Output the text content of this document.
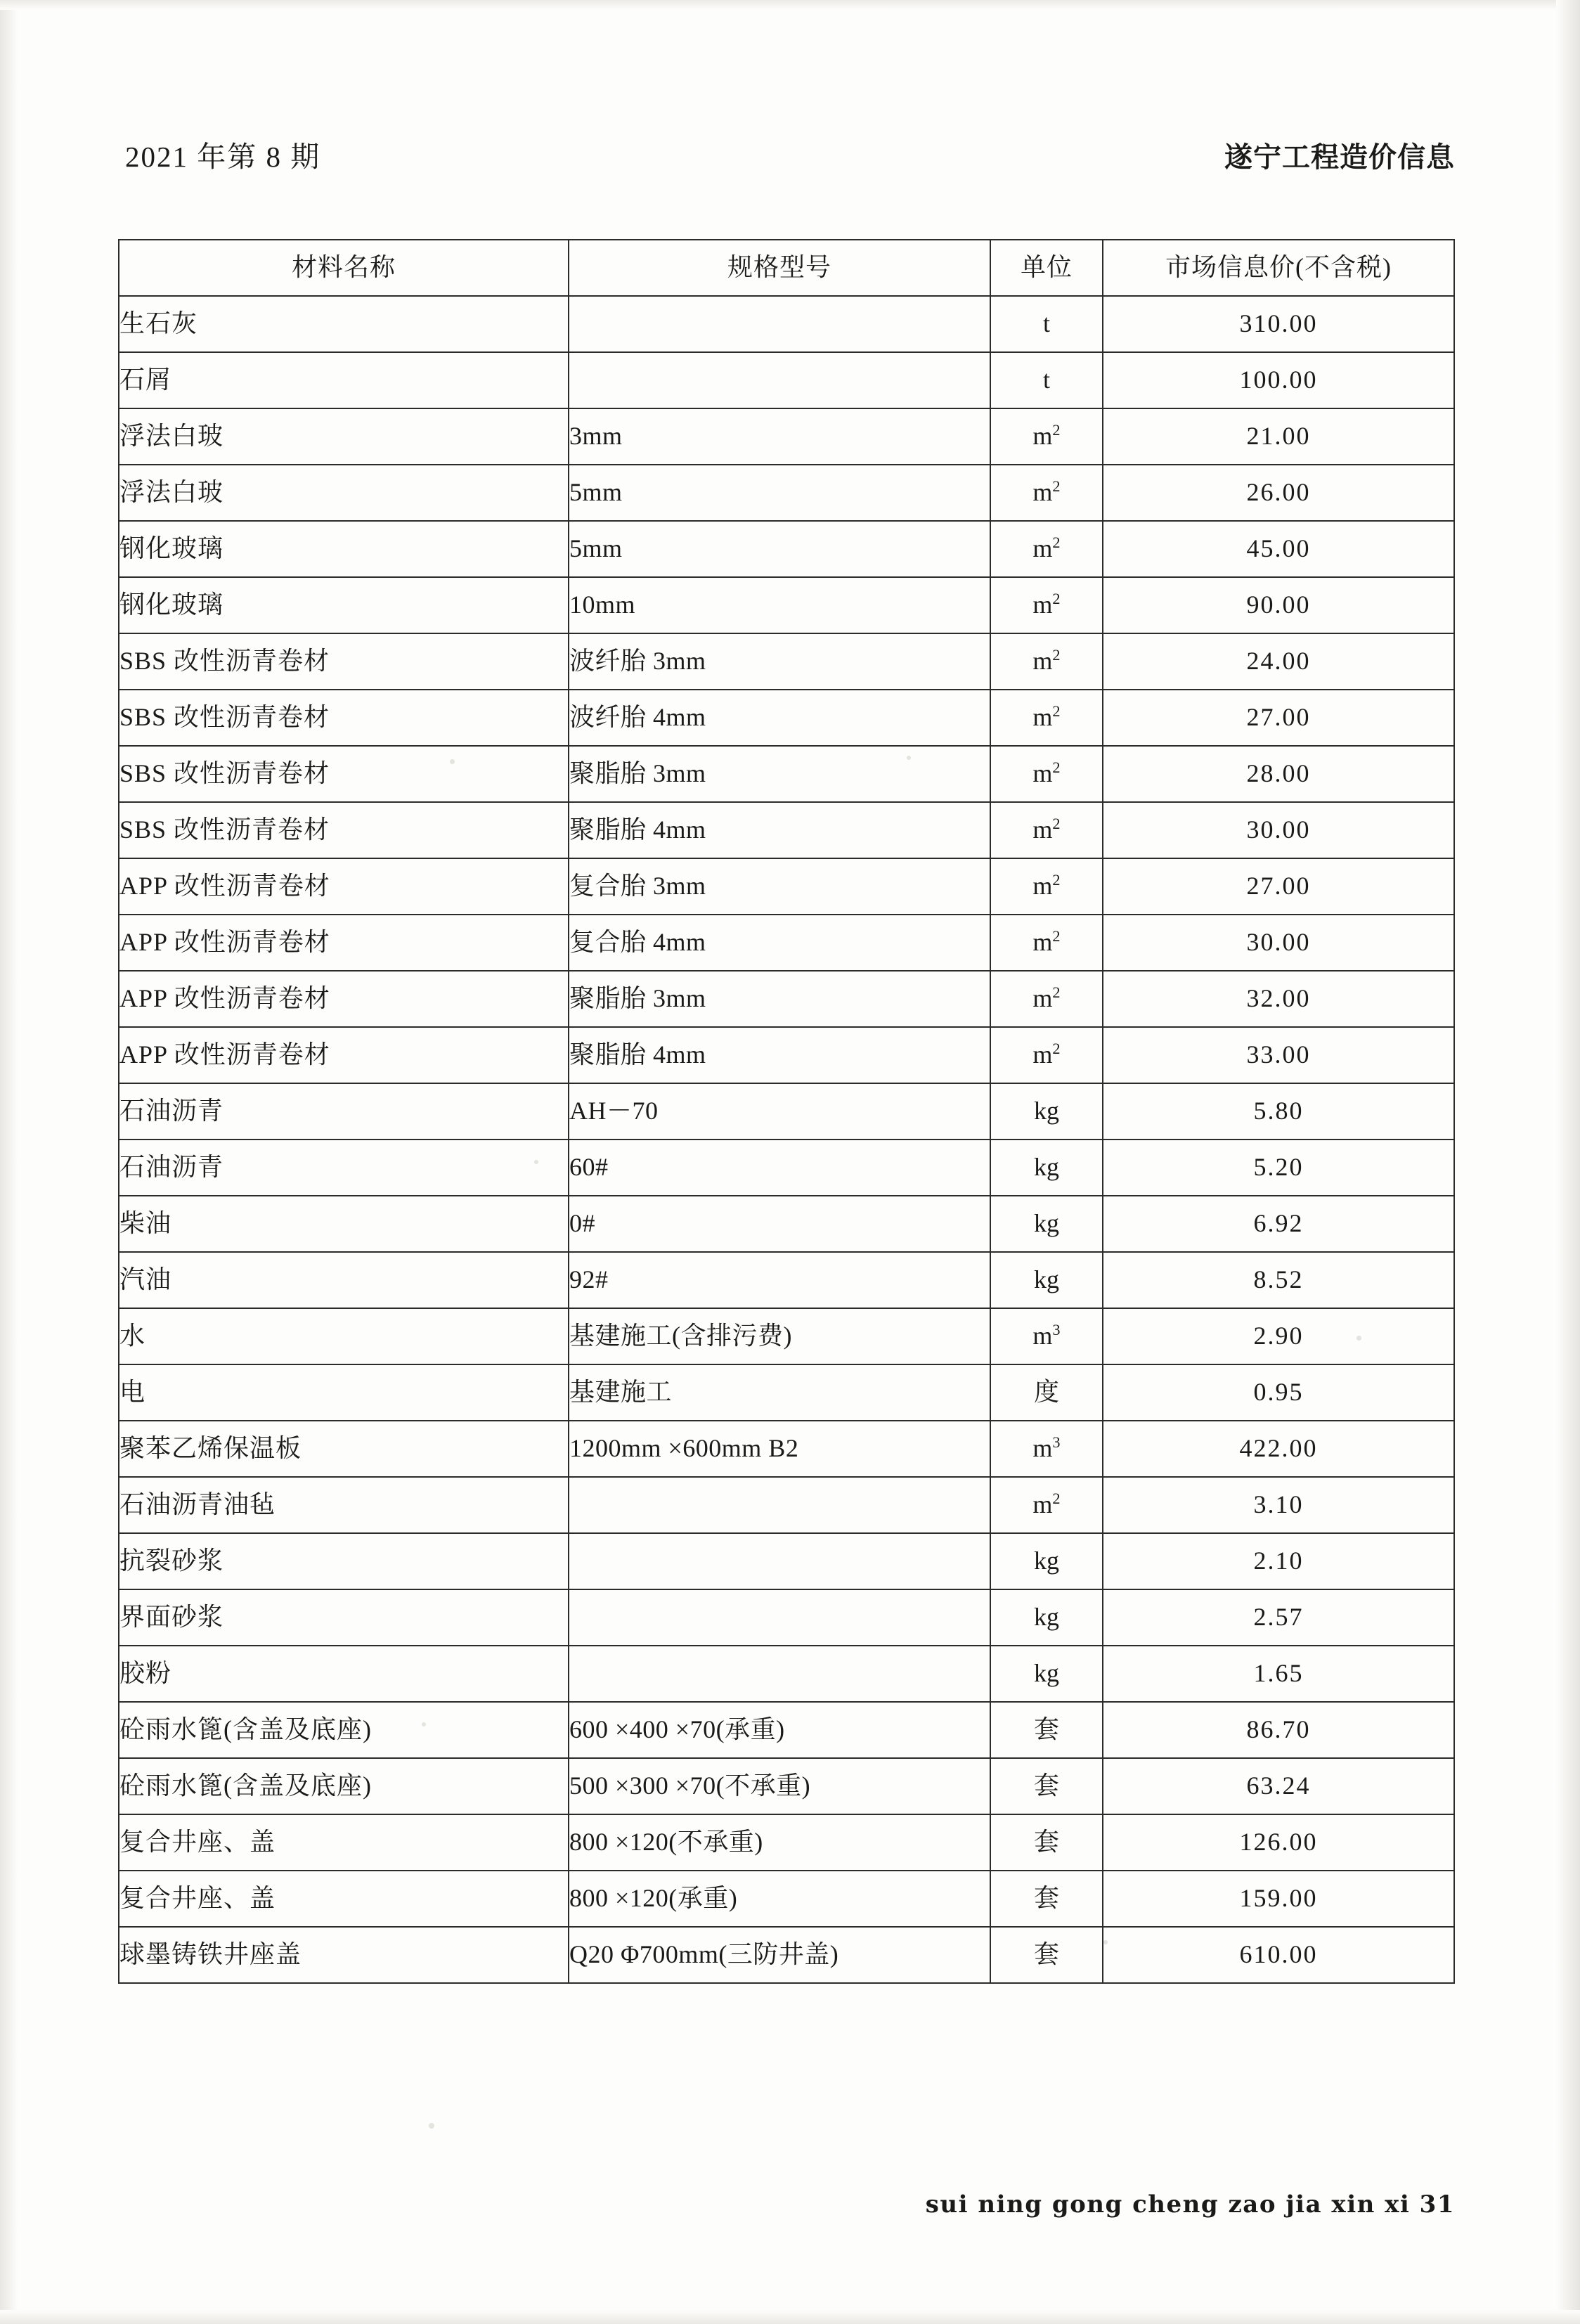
2021 年第 8 期	遂宁工程造价信息
材料名称	规格型号	单位	市场信息价(不含税)
生石灰		t	310.00
石屑		t	100.00
浮法白玻	3mm	$m^2$	21.00
浮法白玻	5mm	$m^2$	26.00
钢化玻璃	5mm	$m^2$	45.00
钢化玻璃	10mm	$m^2$	90.00
SBS 改性沥青卷材	波纤胎 3mm	$m^2$	24.00
SBS 改性沥青卷材	波纤胎 4mm	$m^2$	27.00
SBS 改性沥青卷材	聚脂胎 3mm	$m^2$	28.00
SBS 改性沥青卷材	聚脂胎 4mm	$m^2$	30.00
APP 改性沥青卷材	复合胎 3mm	$m^2$	27.00
APP 改性沥青卷材	复合胎 4mm	$m^2$	30.00
APP 改性沥青卷材	聚脂胎 3mm	$m^2$	32.00
APP 改性沥青卷材	聚脂胎 4mm	$m^2$	33.00
石油沥青	AH－70	kg	5.80
石油沥青	60#	kg	5.20
柴油	0#	kg	6.92
汽油	92#	kg	8.52
水	基建施工(含排污费)	$m^3$	2.90
电	基建施工	度	0.95
聚苯乙烯保温板	1200mm ×600mm B2	$m^3$	422.00
石油沥青油毡		$m^2$	3.10
抗裂砂浆		kg	2.10
界面砂浆		kg	2.57
胶粉		kg	1.65
砼雨水篦(含盖及底座)	600 ×400 ×70(承重)	套	86.70
砼雨水篦(含盖及底座)	500 ×300 ×70(不承重)	套	63.24
复合井座、盖	800 ×120(不承重)	套	126.00
复合井座、盖	800 ×120(承重)	套	159.00
球墨铸铁井座盖	Q20 Φ700mm(三防井盖)	套	610.00
sui ning gong cheng zao jia xin xi 31
